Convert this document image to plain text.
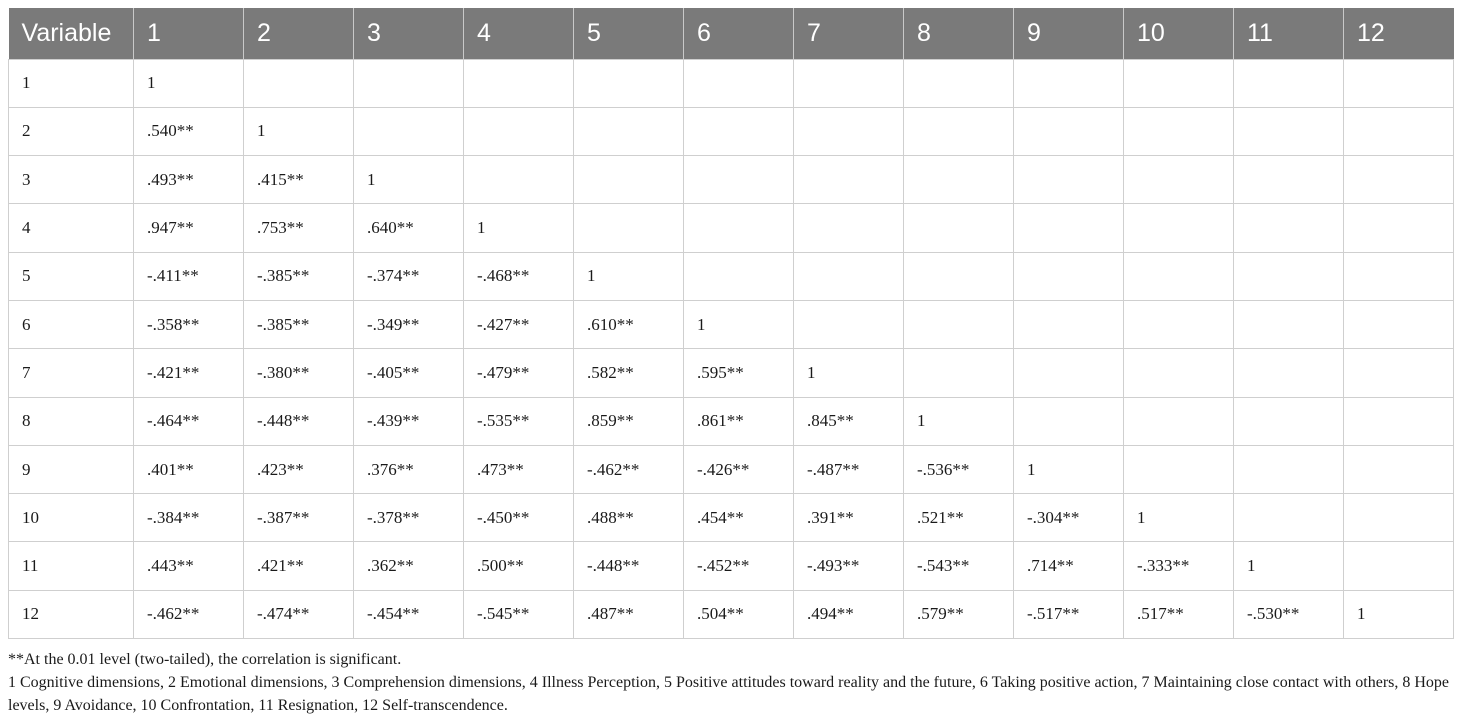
Variable	1	2	3	4	5	6	7	8	9	10	11	12
1	1											
2	.540**	1										
3	.493**	.415**	1									
4	.947**	.753**	.640**	1								
5	-.411**	-.385**	-.374**	-.468**	1							
6	-.358**	-.385**	-.349**	-.427**	.610**	1						
7	-.421**	-.380**	-.405**	-.479**	.582**	.595**	1					
8	-.464**	-.448**	-.439**	-.535**	.859**	.861**	.845**	1				
9	.401**	.423**	.376**	.473**	-.462**	-.426**	-.487**	-.536**	1			
10	-.384**	-.387**	-.378**	-.450**	.488**	.454**	.391**	.521**	-.304**	1		
11	.443**	.421**	.362**	.500**	-.448**	-.452**	-.493**	-.543**	.714**	-.333**	1	
12	-.462**	-.474**	-.454**	-.545**	.487**	.504**	.494**	.579**	-.517**	.517**	-.530**	1

**At the 0.01 level (two-tailed), the correlation is significant.

1 Cognitive dimensions, 2 Emotional dimensions, 3 Comprehension dimensions, 4 Illness Perception, 5 Positive attitudes toward reality and the future, 6 Taking positive action, 7 Maintaining close contact with others, 8 Hope levels, 9 Avoidance, 10 Confrontation, 11 Resignation, 12 Self-transcendence.
